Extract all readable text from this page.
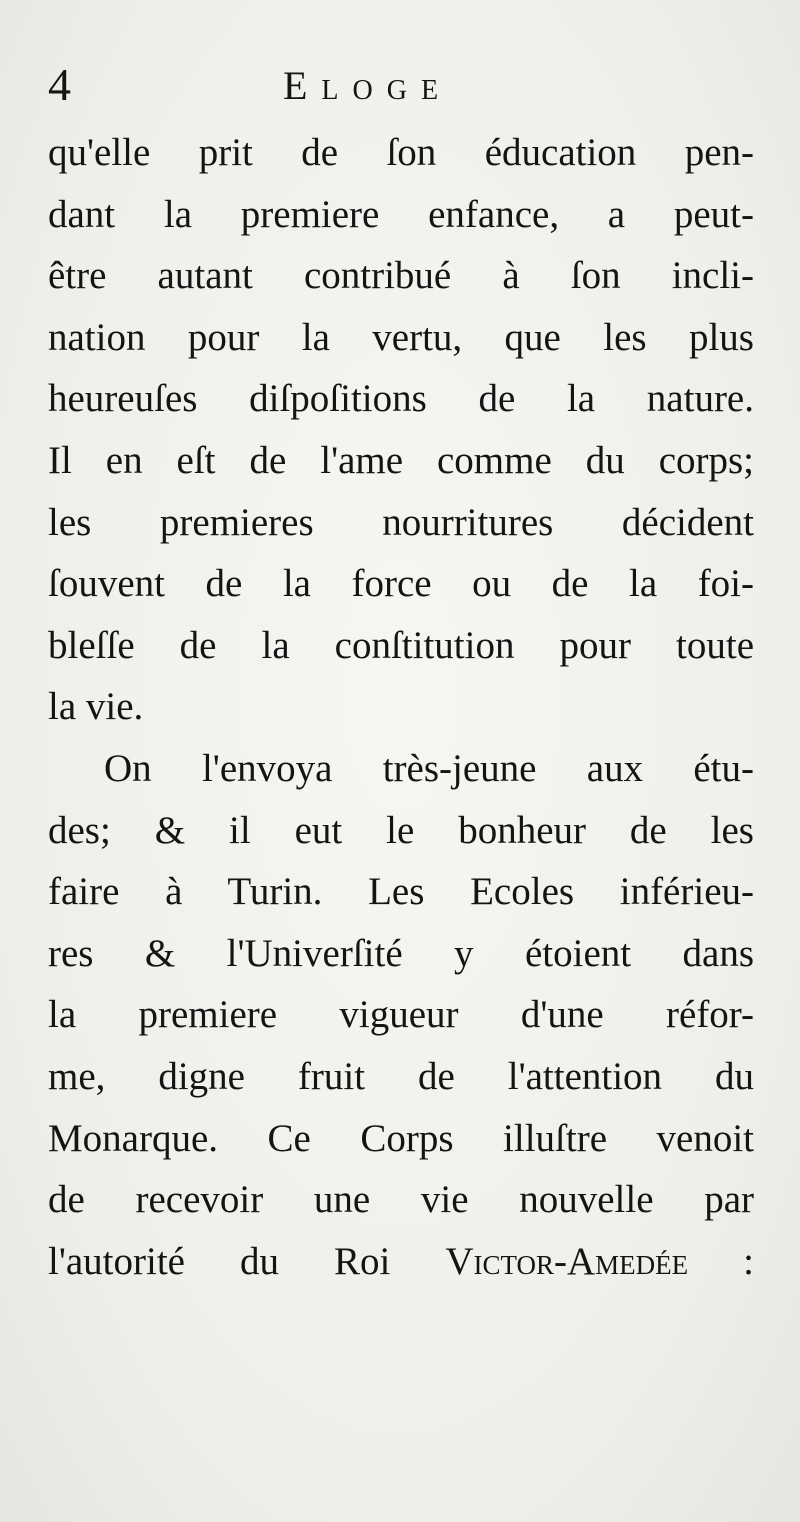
4	Eloge
qu'elle prit de ſon éducation pen-
dant la premiere enfance, a peut-
être autant contribué à ſon incli-
nation pour la vertu, que les plus
heureuſes diſpoſitions de la nature.
Il en eſt de l'ame comme du corps;
les premieres nourritures décident
ſouvent de la force ou de la foi-
bleſſe de la conſtitution pour toute
la vie.
On l'envoya très-jeune aux étu-
des; & il eut le bonheur de les
faire à Turin. Les Ecoles inférieu-
res & l'Univerſité y étoient dans
la premiere vigueur d'une réfor-
me, digne fruit de l'attention du
Monarque. Ce Corps illuſtre venoit
de recevoir une vie nouvelle par
l'autorité du Roi Victor-Amedée :
